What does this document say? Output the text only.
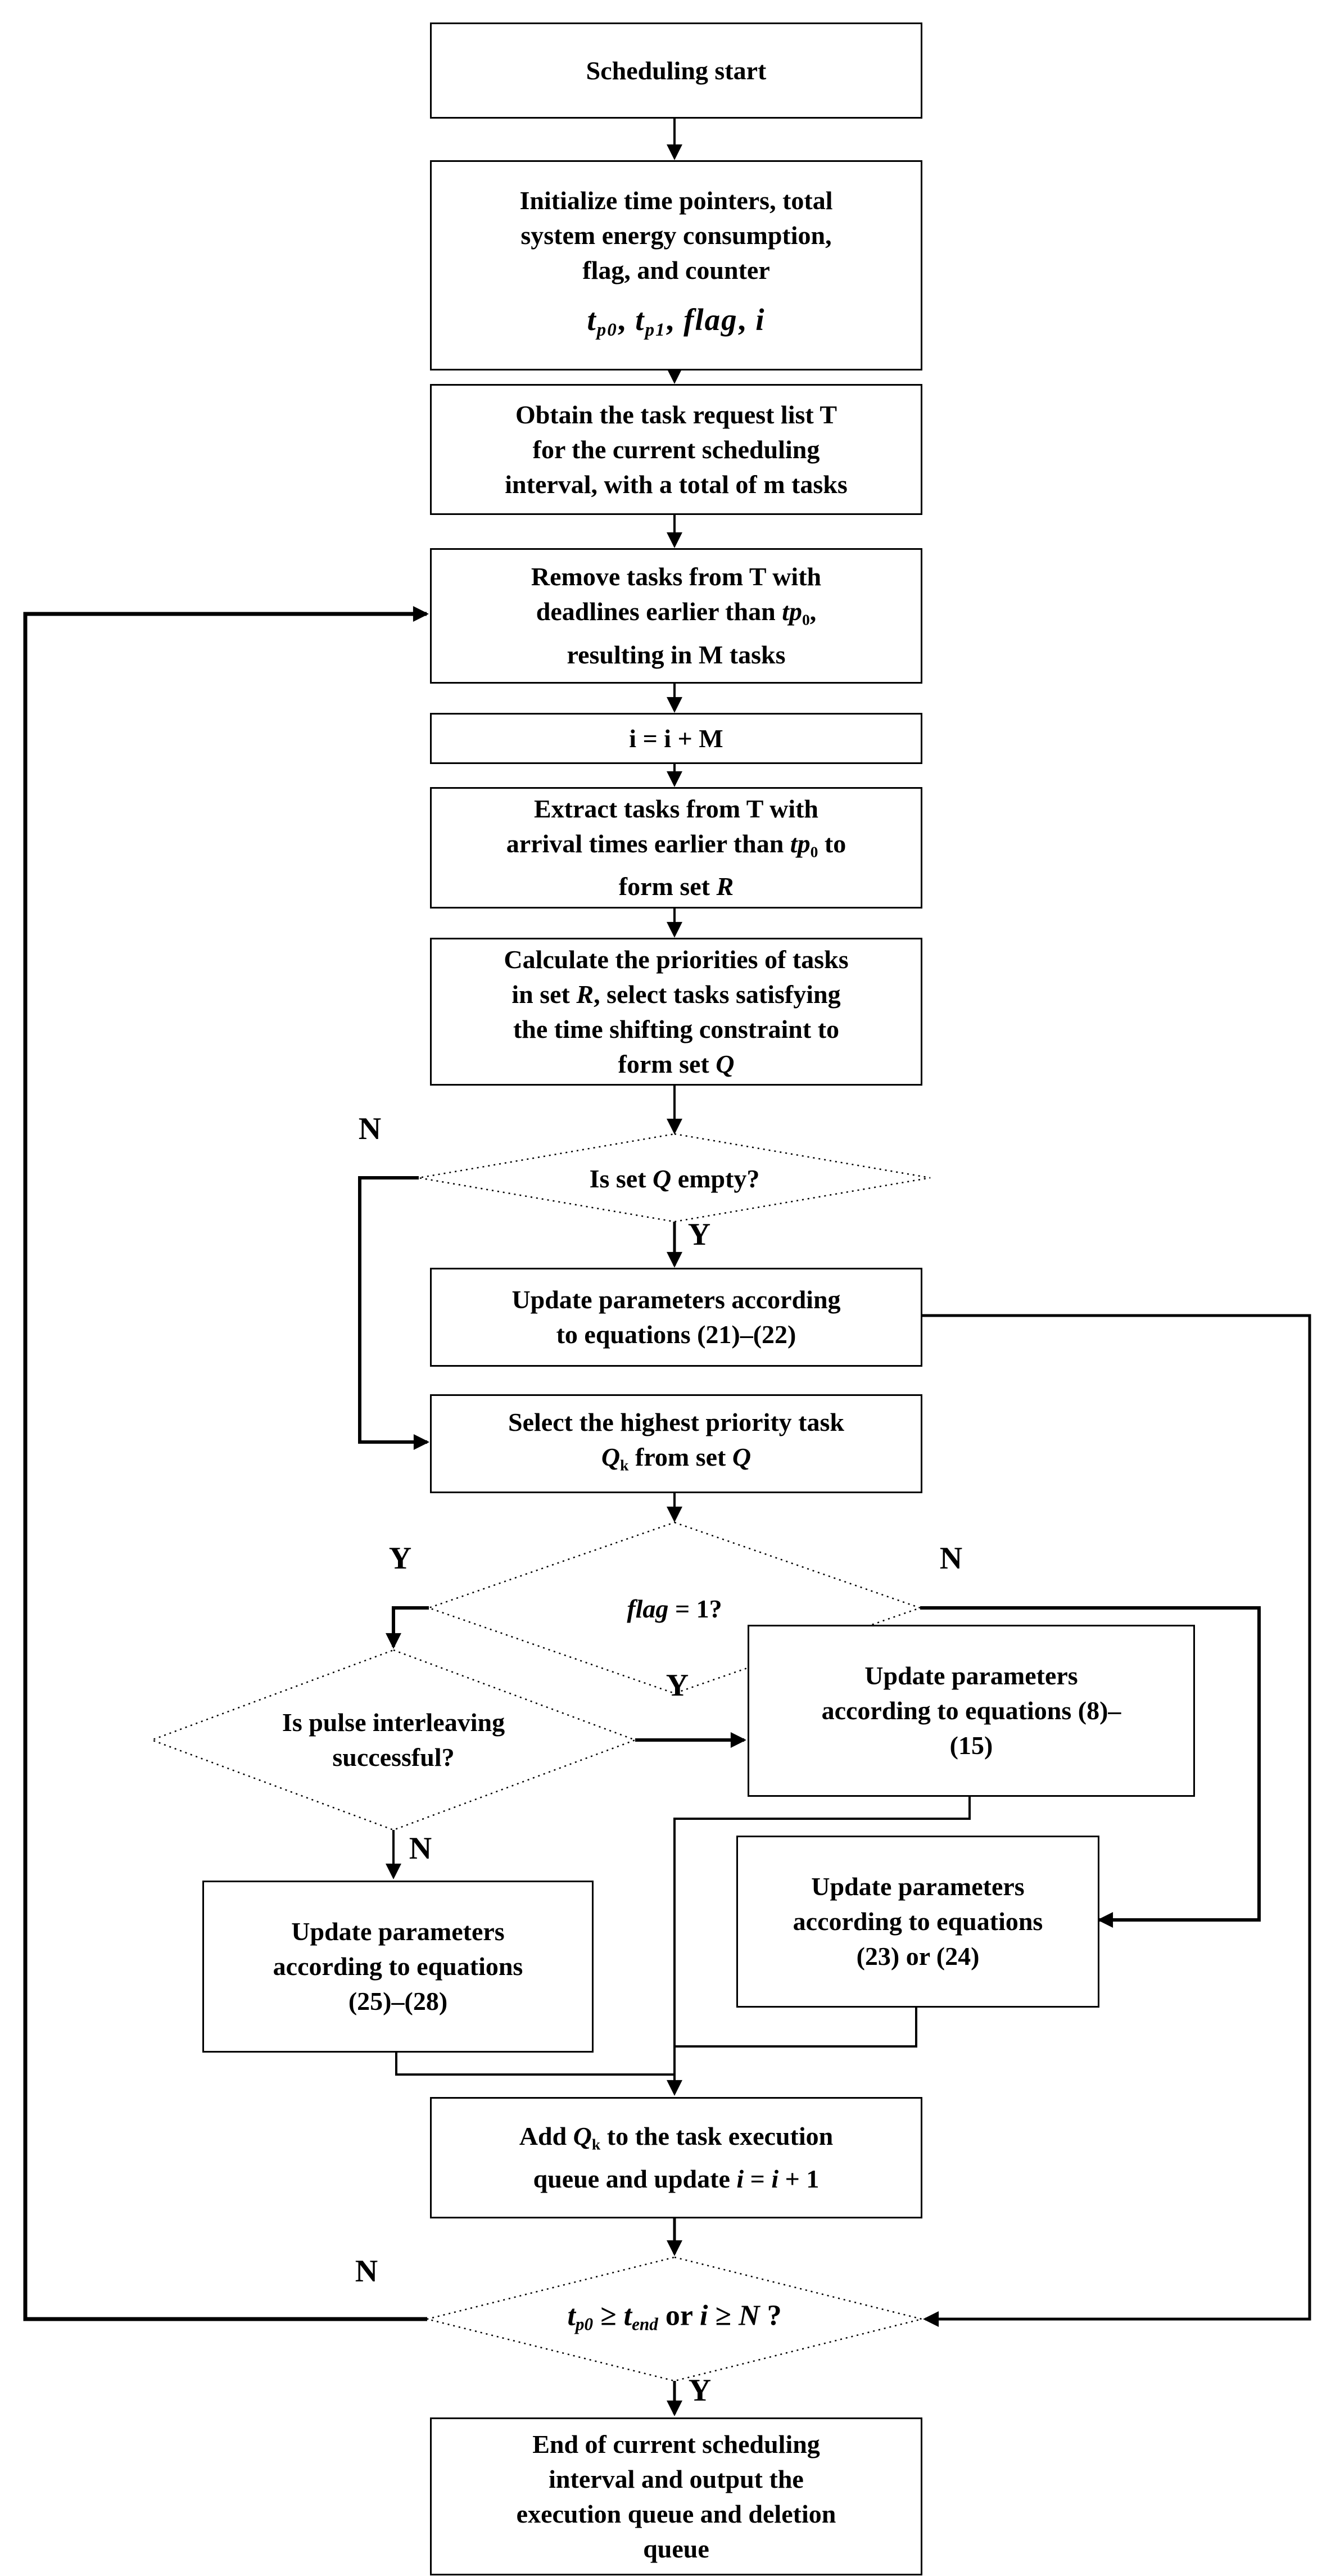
Scheduling start
Initialize time pointers, total
system energy consumption,
flag, and counter
tp0, tp1, flag, i
Obtain the task request list T
for the current scheduling
interval, with a total of m tasks
Remove tasks from T with
deadlines earlier than tp0,
resulting in M tasks
i = i + M
Extract tasks from T with
arrival times earlier than tp0 to
form set R
Calculate the priorities of tasks
in set R, select tasks satisfying
the time shifting constraint to
form set Q
Update parameters according
to equations (21)–(22)
Select the highest priority task
Qk from set Q
Update parameters
according to equations (8)–
(15)
Update parameters
according to equations
(23) or (24)
Update parameters
according to equations
(25)–(28)
Add Qk to the task execution
queue and update i = i + 1
End of current scheduling
interval and output the
execution queue and deletion
queue
Is set Q empty?
flag = 1?
Is pulse interleaving
successful?
tp0 ≥ tend or i ≥ N ?
N
Y
Y	N
Y
N
N
Y
